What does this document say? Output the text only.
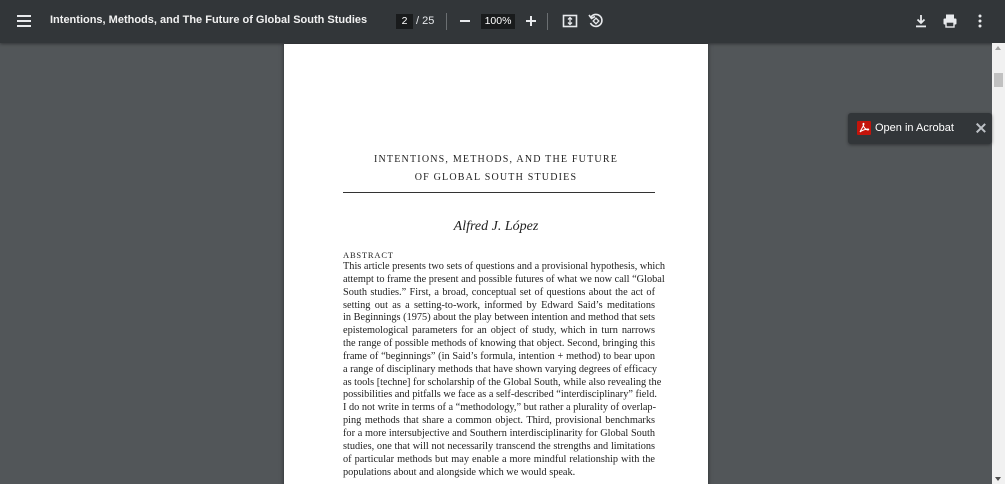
Intentions, Methods, and The Future of Global South Studies	2 / 25	100%
INTENTIONS, METHODS, AND THE FUTURE
OF GLOBAL SOUTH STUDIES
Alfred J. López
ABSTRACT
This article presents two sets of questions and a provisional hypothesis, which
attempt to frame the present and possible futures of what we now call “Global
South studies.” First, a broad, conceptual set of questions about the act of
setting out as a setting-to-work, informed by Edward Said’s meditations
in Beginnings (1975) about the play between intention and method that sets
epistemological parameters for an object of study, which in turn narrows
the range of possible methods of knowing that object. Second, bringing this
frame of “beginnings” (in Said’s formula, intention + method) to bear upon
a range of disciplinary methods that have shown varying degrees of efficacy
as tools [techne] for scholarship of the Global South, while also revealing the
possibilities and pitfalls we face as a self-described “interdisciplinary” field.
I do not write in terms of a “methodology,” but rather a plurality of overlap-
ping methods that share a common object. Third, provisional benchmarks
for a more intersubjective and Southern interdisciplinarity for Global South
studies, one that will not necessarily transcend the strengths and limitations
of particular methods but may enable a more mindful relationship with the
populations about and alongside which we would speak.
Open in Acrobat
